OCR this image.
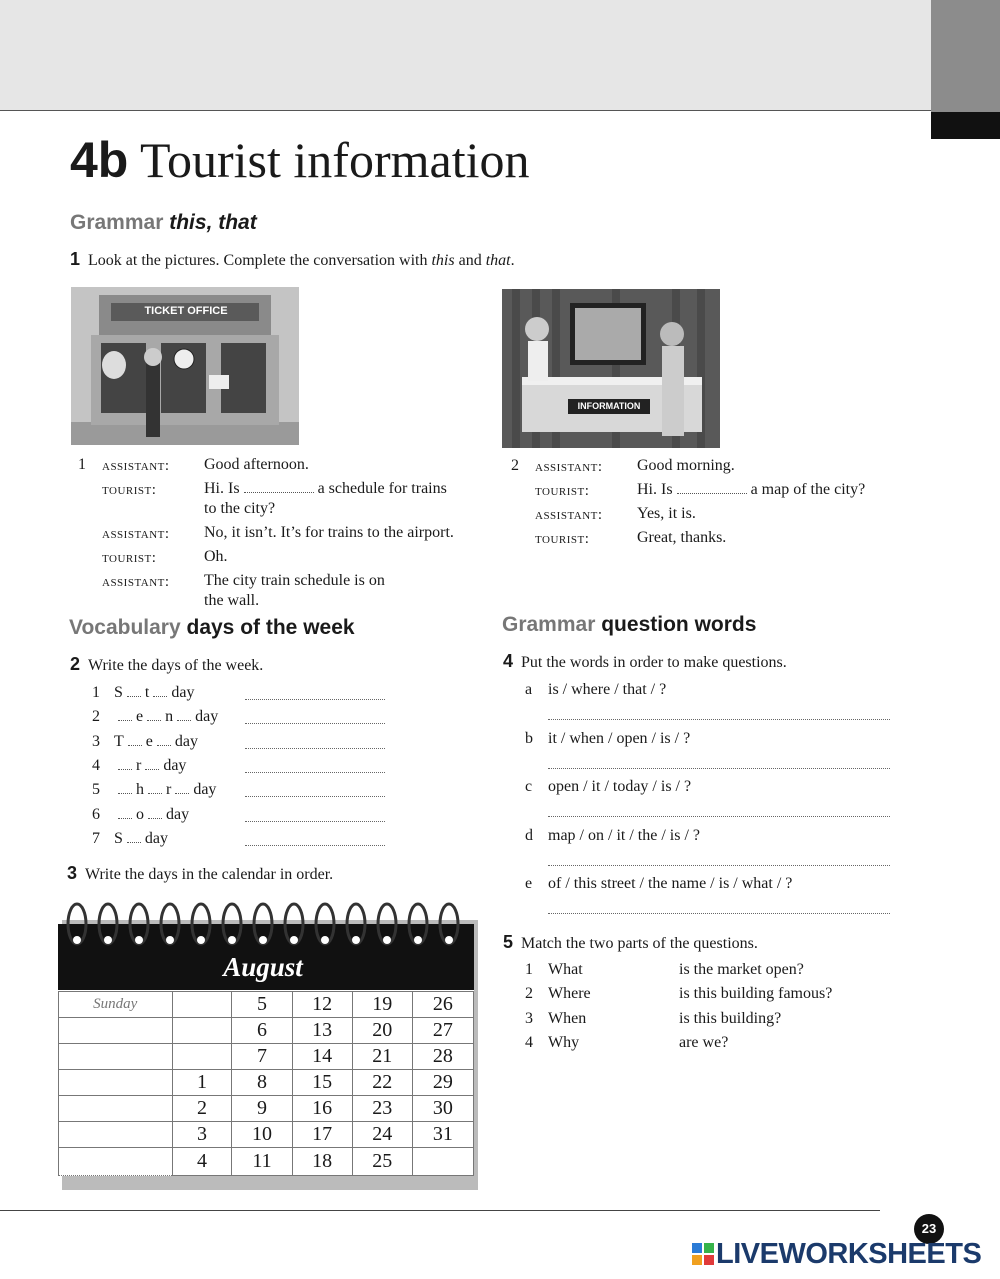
4b Tourist information
Grammar this, that
1 Look at the pictures. Complete the conversation with this and that.
TICKET OFFICE
INFORMATION
1 assistant: Good afternoon.
tourist:	Hi. Is	a schedule for trains
to the city?
assistant: No, it isn’t. It’s for trains to the airport.
tourist:	Oh.
assistant: The city train schedule is on
the wall.
2 assistant: Good morning.
tourist:	Hi. Is	a map of the city?
assistant: Yes, it is.
tourist:	Great, thanks.
Vocabulary days of the week
2 Write the days of the week.
1 S t day
2	e n day
3 T e day
4	r day
5	h r day
6	o day
7 S day
3 Write the days in the calendar in order.
August
Sunday		5	12	19	26
		6	13	20	27
		7	14	21	28
	1	8	15	22	29
	2	9	16	23	30
	3	10	17	24	31
	4	11	18	25	
Grammar question words
4 Put the words in order to make questions.
a is / where / that / ?
b it / when / open / is / ?
c open / it / today / is / ?
d map / on / it / the / is / ?
e of / this street / the name / is / what / ?
5 Match the two parts of the questions.
1 What	is the market open?
2 Where	is this building famous?
3 When	is this building?
4 Why	are we?
23
LIVEWORKSHEETS
